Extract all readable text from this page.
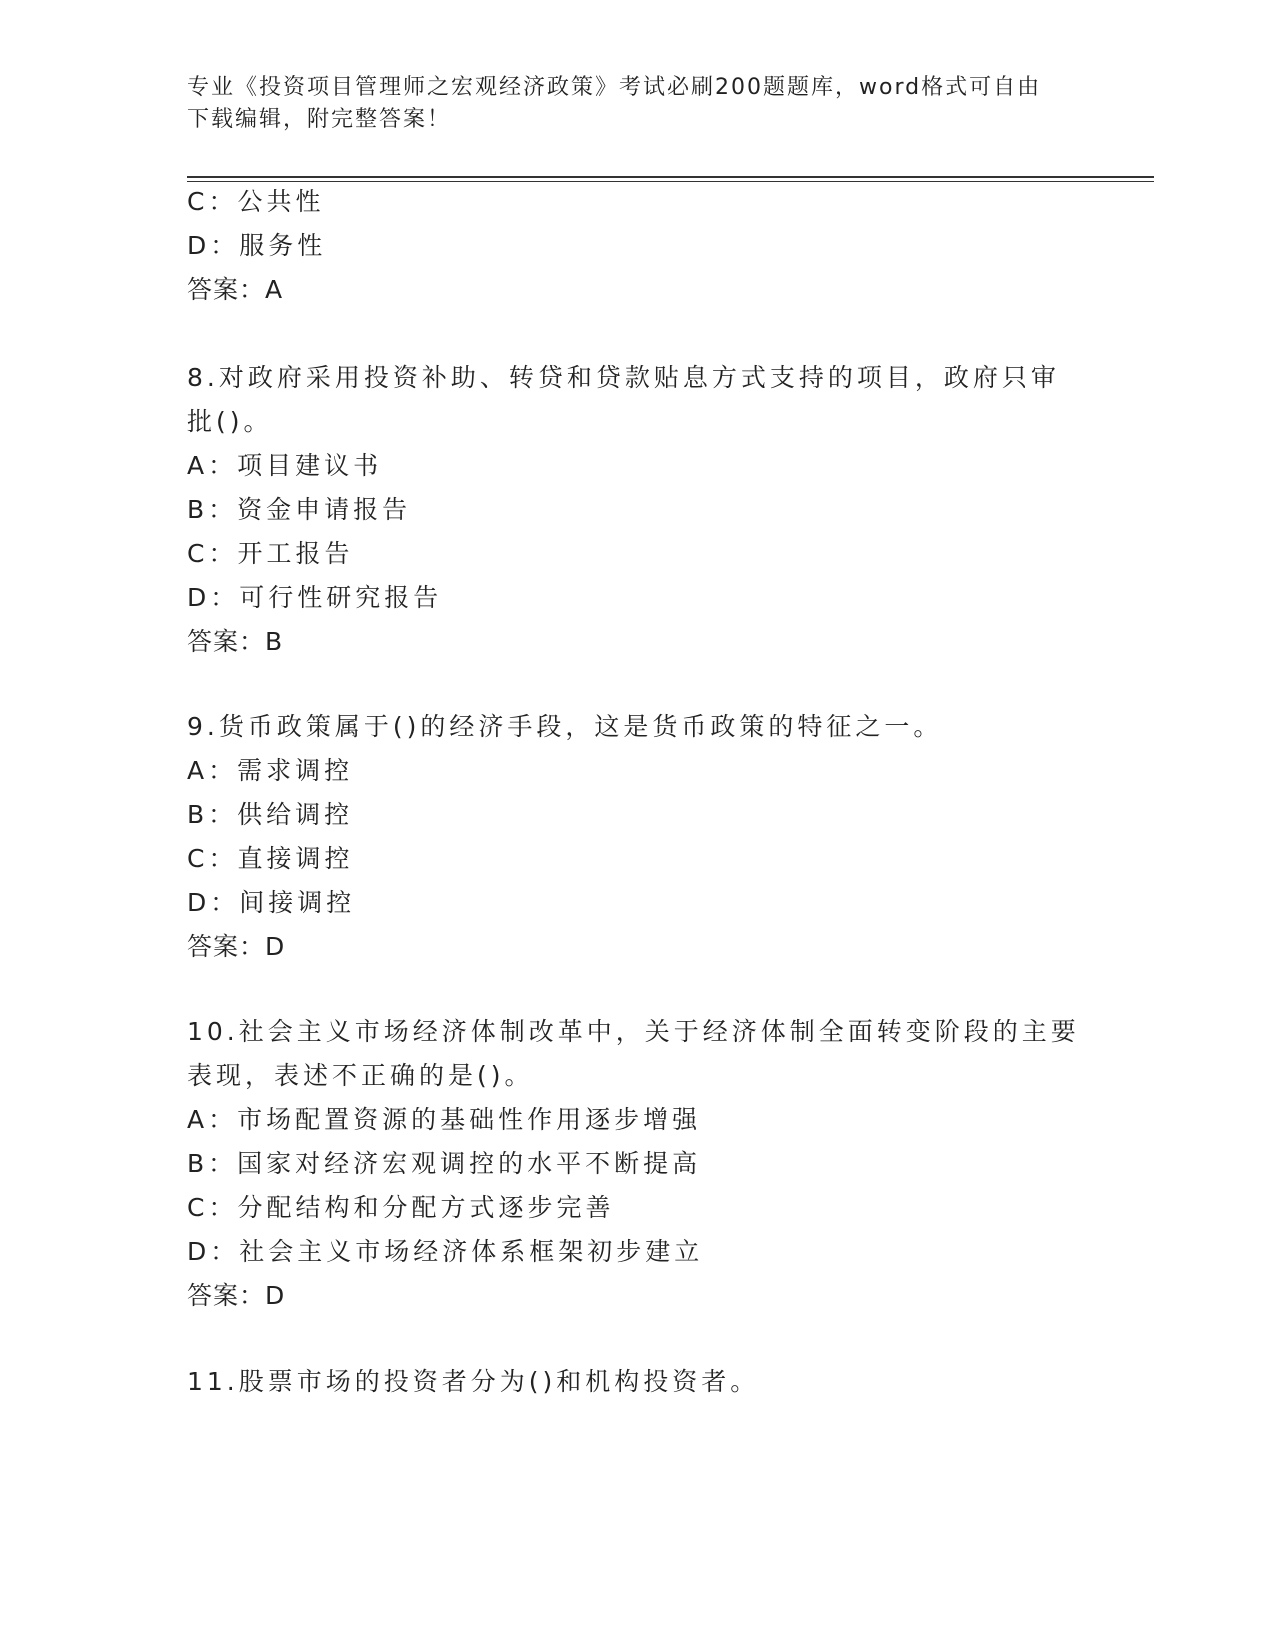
专业《投资项目管理师之宏观经济政策》考试必刷200题题库，word格式可自由
下载编辑，附完整答案！
C：公共性
D：服务性
答案：A
8.对政府采用投资补助、转贷和贷款贴息方式支持的项目，政府只审
批()。
A：项目建议书
B：资金申请报告
C：开工报告
D：可行性研究报告
答案：B
9.货币政策属于()的经济手段，这是货币政策的特征之一。
A：需求调控
B：供给调控
C：直接调控
D：间接调控
答案：D
10.社会主义市场经济体制改革中，关于经济体制全面转变阶段的主要
表现，表述不正确的是()。
A：市场配置资源的基础性作用逐步增强
B：国家对经济宏观调控的水平不断提高
C：分配结构和分配方式逐步完善
D：社会主义市场经济体系框架初步建立
答案：D
11.股票市场的投资者分为()和机构投资者。
